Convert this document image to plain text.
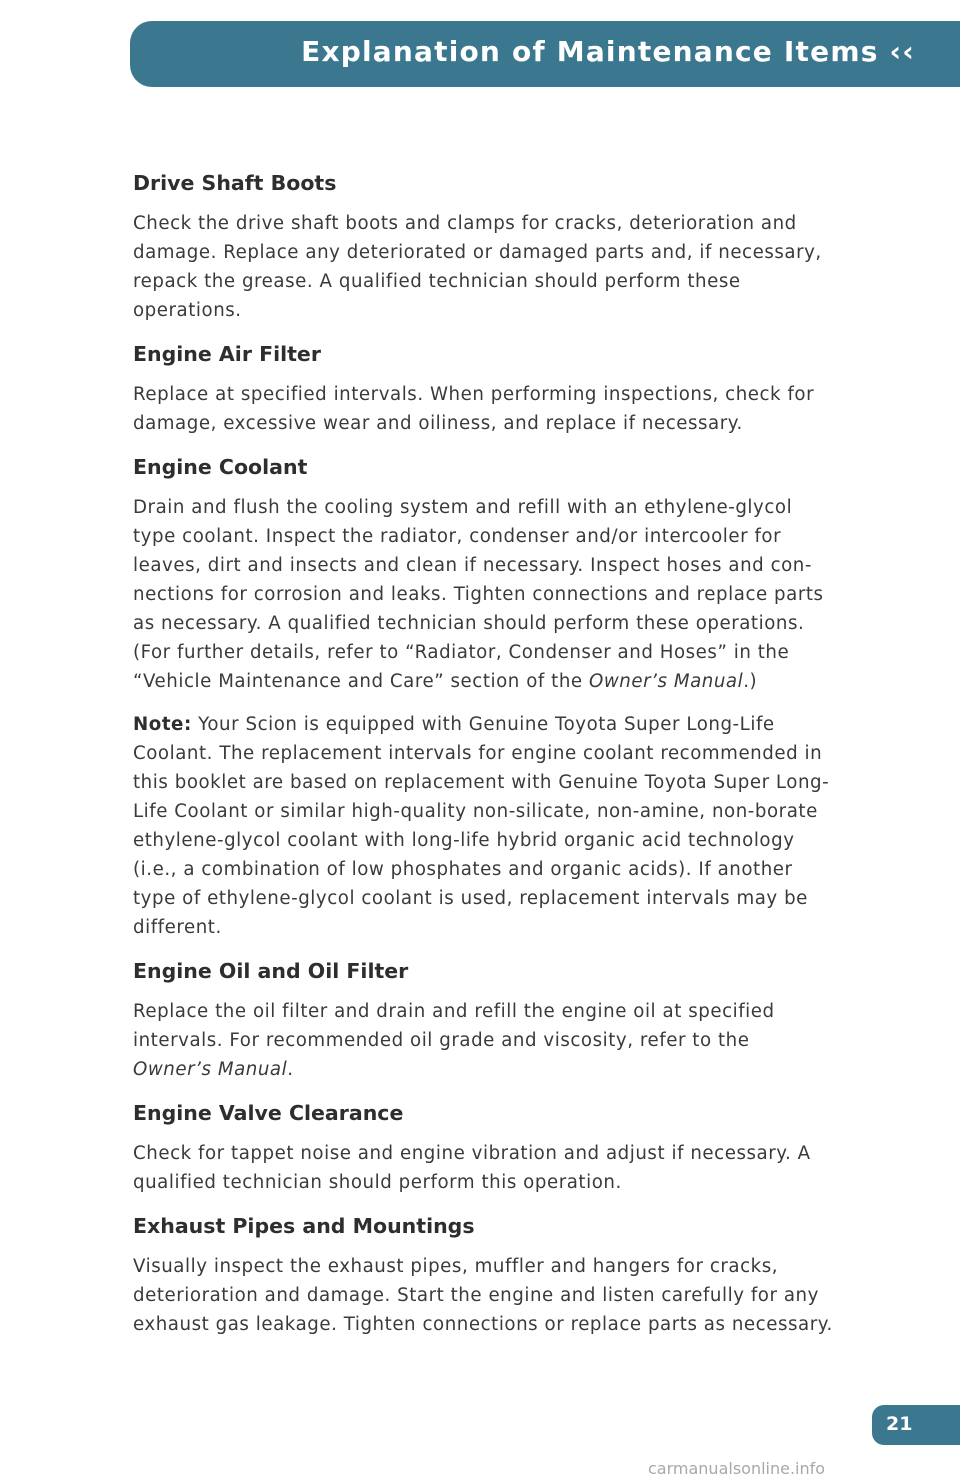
Explanation of Maintenance Items ‹‹
Drive Shaft Boots

Check the drive shaft boots and clamps for cracks, deterioration and damage. Replace any deteriorated or damaged parts and, if necessary, repack the grease. A qualified technician should perform these operations.

Engine Air Filter

Replace at specified intervals. When performing inspections, check for damage, excessive wear and oiliness, and replace if necessary.

Engine Coolant

Drain and flush the cooling system and refill with an ethylene-glycol type coolant. Inspect the radiator, condenser and/or intercooler for leaves, dirt and insects and clean if necessary. Inspect hoses and con-nections for corrosion and leaks. Tighten connections and replace parts as necessary. A qualified technician should perform these operations. (For further details, refer to “Radiator, Condenser and Hoses” in the “Vehicle Maintenance and Care” section of the Owner’s Manual.)

Note: Your Scion is equipped with Genuine Toyota Super Long-Life Coolant. The replacement intervals for engine coolant recommended in this booklet are based on replacement with Genuine Toyota Super Long-Life Coolant or similar high-quality non-silicate, non-amine, non-borate ethylene-glycol coolant with long-life hybrid organic acid technology (i.e., a combination of low phosphates and organic acids). If another type of ethylene-glycol coolant is used, replacement intervals may be different.

Engine Oil and Oil Filter

Replace the oil filter and drain and refill the engine oil at specified intervals. For recommended oil grade and viscosity, refer to the Owner’s Manual.

Engine Valve Clearance

Check for tappet noise and engine vibration and adjust if necessary. A qualified technician should perform this operation.

Exhaust Pipes and Mountings

Visually inspect the exhaust pipes, muffler and hangers for cracks, deterioration and damage. Start the engine and listen carefully for any exhaust gas leakage. Tighten connections or replace parts as necessary.

21
carmanualsonline.info
